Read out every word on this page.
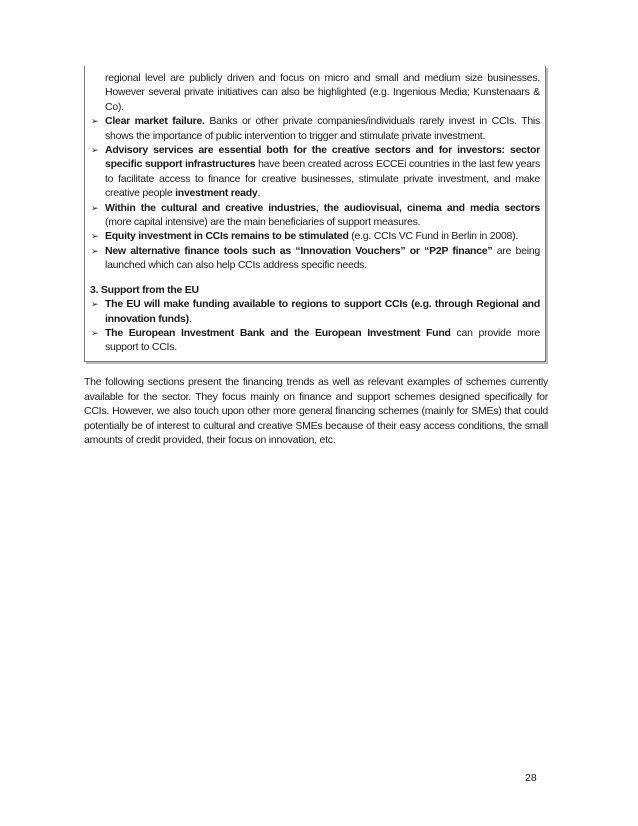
regional level are publicly driven and focus on micro and small and medium size businesses. However several private initiatives can also be highlighted (e.g. Ingenious Media; Kunstenaars & Co).
➢ Clear market failure. Banks or other private companies/individuals rarely invest in CCIs. This shows the importance of public intervention to trigger and stimulate private investment.
➢ Advisory services are essential both for the creative sectors and for investors: sector specific support infrastructures have been created across ECCEi countries in the last few years to facilitate access to finance for creative businesses, stimulate private investment, and make creative people investment ready.
➢ Within the cultural and creative industries, the audiovisual, cinema and media sectors (more capital intensive) are the main beneficiaries of support measures.
➢ Equity investment in CCIs remains to be stimulated (e.g. CCIs VC Fund in Berlin in 2008).
➢ New alternative finance tools such as “Innovation Vouchers” or “P2P finance” are being launched which can also help CCIs address specific needs.
3. Support from the EU
➢ The EU will make funding available to regions to support CCIs (e.g. through Regional and innovation funds).
➢ The European Investment Bank and the European Investment Fund can provide more support to CCIs.
The following sections present the financing trends as well as relevant examples of schemes currently available for the sector. They focus mainly on finance and support schemes designed specifically for CCIs. However, we also touch upon other more general financing schemes (mainly for SMEs) that could potentially be of interest to cultural and creative SMEs because of their easy access conditions, the small amounts of credit provided, their focus on innovation, etc.
28
